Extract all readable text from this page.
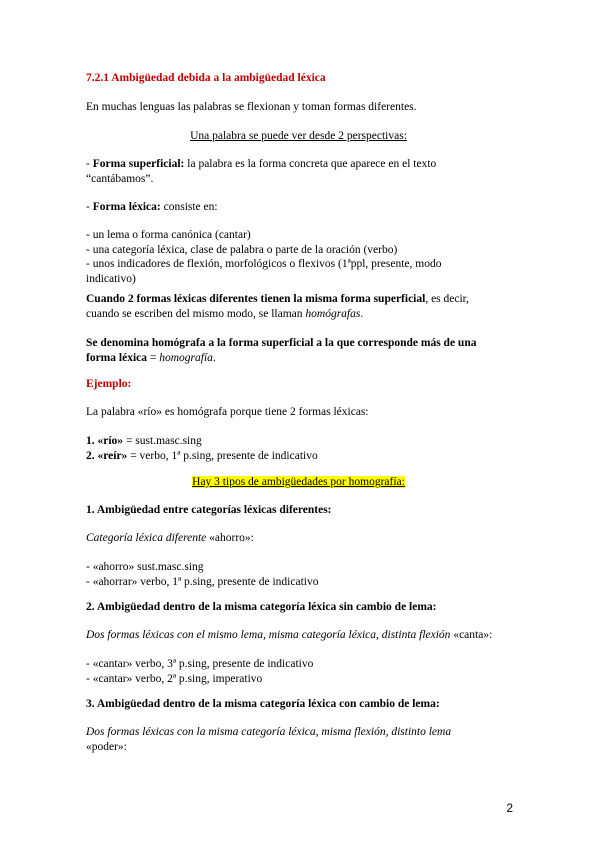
7.2.1 Ambigüedad debida a la ambigüedad léxica
En muchas lenguas las palabras se flexionan y toman formas diferentes.
Una palabra se puede ver desde 2 perspectivas:

- Forma superficial: la palabra es la forma concreta que aparece en el texto

“cantábamos”.

- Forma léxica: consiste en:

- un lema o forma canónica (cantar)

- una categoría léxica, clase de palabra o parte de la oración (verbo)

- unos indicadores de flexión, morfológicos o flexivos (1ªppl, presente, modo

indicativo)

Cuando 2 formas léxicas diferentes tienen la misma forma superficial, es decir,

cuando se escriben del mismo modo, se llaman homógrafas.

Se denomina homógrafa a la forma superficial a la que corresponde más de una

forma léxica = homografía.

Ejemplo:
La palabra «río» es homógrafa porque tiene 2 formas léxicas:

1. «río» = sust.masc.sing

2. «reír» = verbo, 1ª p.sing, presente de indicativo

Hay 3 tipos de ambigüedades por homografía:
1. Ambigüedad entre categorías léxicas diferentes:
Categoría léxica diferente «ahorro»:

- «ahorro» sust.masc.sing

- «ahorrar» verbo, 1ª p.sing, presente de indicativo

2. Ambigüedad dentro de la misma categoría léxica sin cambio de lema:
Dos formas léxicas con el mismo lema, misma categoría léxica, distinta flexión «canta»:

- «cantar» verbo, 3ª p.sing, presente de indicativo

- «cantar» verbo, 2ª p.sing, imperativo

3. Ambigüedad dentro de la misma categoría léxica con cambio de lema:

Dos formas léxicas con la misma categoría léxica, misma flexión, distinto lema

«poder»:

2
